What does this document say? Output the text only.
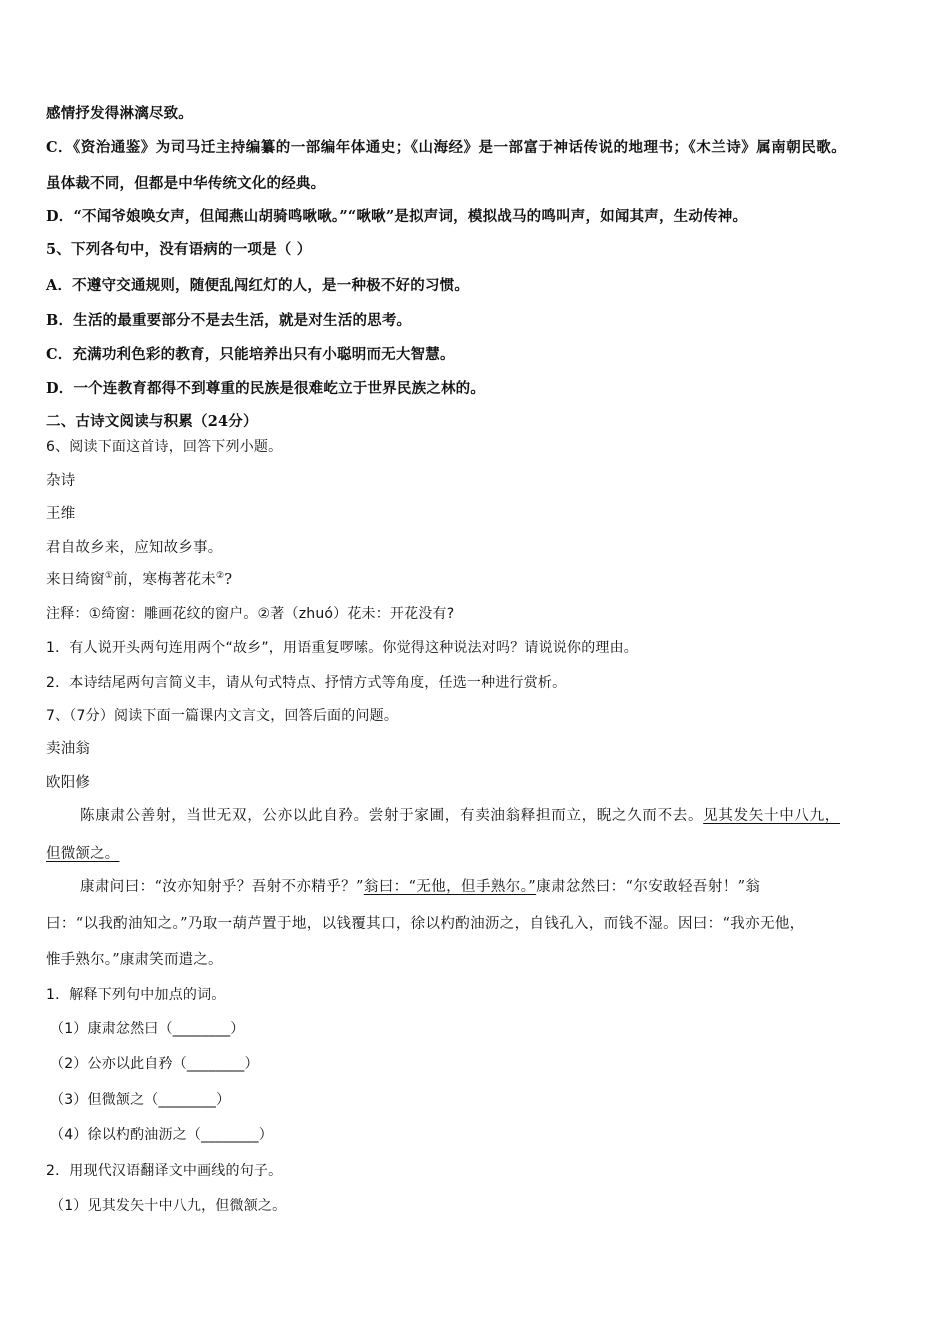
感情抒发得淋漓尽致。
C．《资治通鉴》为司马迁主持编纂的一部编年体通史；《山海经》是一部富于神话传说的地理书；《木兰诗》属南朝民歌。
虽体裁不同，但都是中华传统文化的经典。
D．“不闻爷娘唤女声，但闻燕山胡骑鸣啾啾。”“啾啾”是拟声词，模拟战马的鸣叫声，如闻其声，生动传神。
5、下列各句中，没有语病的一项是（ ）
A．不遵守交通规则，随便乱闯红灯的人，是一种极不好的习惯。
B．生活的最重要部分不是去生活，就是对生活的思考。
C．充满功利色彩的教育，只能培养出只有小聪明而无大智慧。
D．一个连教育都得不到尊重的民族是很难屹立于世界民族之林的。
二、古诗文阅读与积累（24分）
6、阅读下面这首诗，回答下列小题。
杂诗
王维
君自故乡来，应知故乡事。
来日绮窗①前，寒梅著花未②?
注释：①绮窗：雕画花纹的窗户。②著（zhuó）花未：开花没有?
1．有人说开头两句连用两个“故乡”，用语重复啰嗦。你觉得这种说法对吗？请说说你的理由。
2．本诗结尾两句言简义丰，请从句式特点、抒情方式等角度，任选一种进行赏析。
7、（7分）阅读下面一篇课内文言文，回答后面的问题。
卖油翁
欧阳修
陈康肃公善射，当世无双，公亦以此自矜。尝射于家圃，有卖油翁释担而立，睨之久而不去。见其发矢十中八九，
但微颔之。
康肃问曰：“汝亦知射乎？吾射不亦精乎？”翁曰：“无他，但手熟尔。”康肃忿然曰：“尔安敢轻吾射！”翁
曰：“以我酌油知之。”乃取一葫芦置于地，以钱覆其口，徐以杓酌油沥之，自钱孔入，而钱不湿。因曰：“我亦无他，
惟手熟尔。”康肃笑而遣之。
1．解释下列句中加点的词。
（1）康肃忿然曰（________）
（2）公亦以此自矜（________）
（3）但微颔之（________）
（4）徐以杓酌油沥之（________）
2．用现代汉语翻译文中画线的句子。
（1）见其发矢十中八九，但微颔之。
